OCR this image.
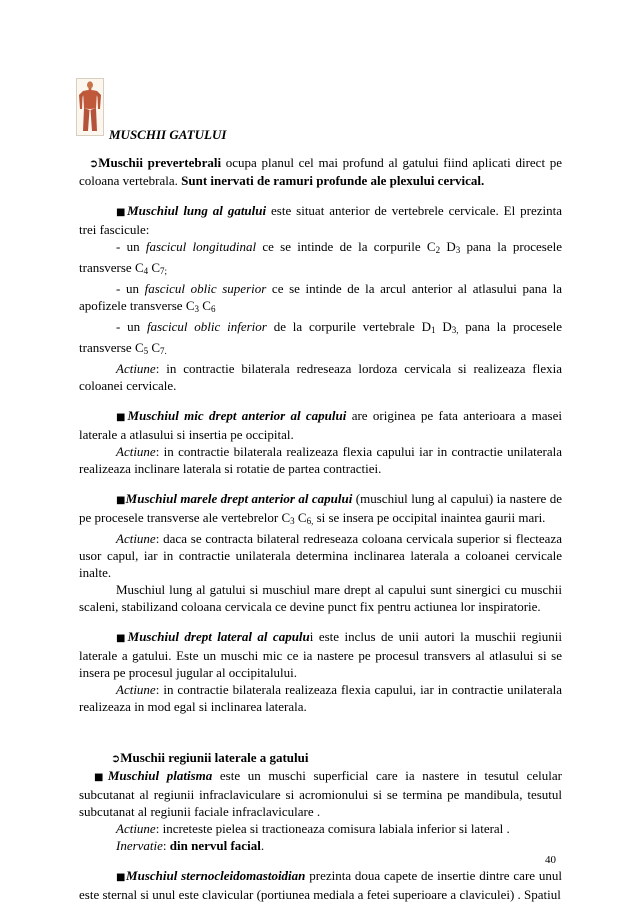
MUSCHII GATULUI

➲Muschii prevertebrali ocupa planul cel mai profund al gatului fiind aplicati direct pe coloana vertebrala. Sunt inervati de ramuri profunde ale plexului cervical.

■Muschiul lung al gatului este situat anterior de vertebrele cervicale. El prezinta trei fascicule:

- un fascicul longitudinal ce se intinde de la corpurile $C_2$ $D_3$ pana la procesele transverse $C_4$ $C_{7;}$

- un fascicul oblic superior ce se intinde de la arcul anterior al atlasului pana la apofizele transverse $C_3$ $C_6$

- un fascicul oblic inferior de la corpurile vertebrale $D_1$ $D_{3,}$ pana la procesele transverse $C_5$ $C_{7.}$

Actiune: in contractie bilaterala redreseaza lordoza cervicala si realizeaza flexia coloanei cervicale.

■Muschiul mic drept anterior al capului are originea pe fata anterioara a masei laterale a atlasului si insertia pe occipital.

Actiune: in contractie bilaterala realizeaza flexia capului iar in contractie unilaterala realizeaza inclinare laterala si rotatie de partea contractiei.

■Muschiul marele drept anterior al capului (muschiul lung al capului) ia nastere de pe procesele transverse ale vertebrelor $C_3$ $C_{6,}$ si se insera pe occipital inaintea gaurii mari.

Actiune: daca se contracta bilateral redreseaza coloana cervicala superior si flecteaza usor capul, iar in contractie unilaterala determina inclinarea laterala a coloanei cervicale inalte.

Muschiul lung al gatului si muschiul mare drept al capului sunt sinergici cu muschii scaleni, stabilizand coloana cervicala ce devine punct fix pentru actiunea lor inspiratorie.

■Muschiul drept lateral al capului este inclus de unii autori la muschii regiunii laterale a gatului. Este un muschi mic ce ia nastere pe procesul transvers al atlasului si se insera pe procesul jugular al occipitalului.

Actiune: in contractie bilaterala realizeaza flexia capului, iar in contractie unilaterala realizeaza in mod egal si inclinarea laterala.

➲Muschii regiunii laterale a gatului

■Muschiul platisma este un muschi superficial care ia nastere in tesutul celular subcutanat al regiunii infraclaviculare si acromionului si se termina pe mandibula, tesutul subcutanat al regiunii faciale infraclaviculare .

Actiune: increteste pielea si tractioneaza comisura labiala inferior si lateral .

Inervatie: din nervul facial.

■Muschiul sternocleidomastoidian prezinta doua capete de insertie dintre care unul este sternal si unul este clavicular (portiunea mediala a fetei superioare a claviculei) . Spatiul

40
